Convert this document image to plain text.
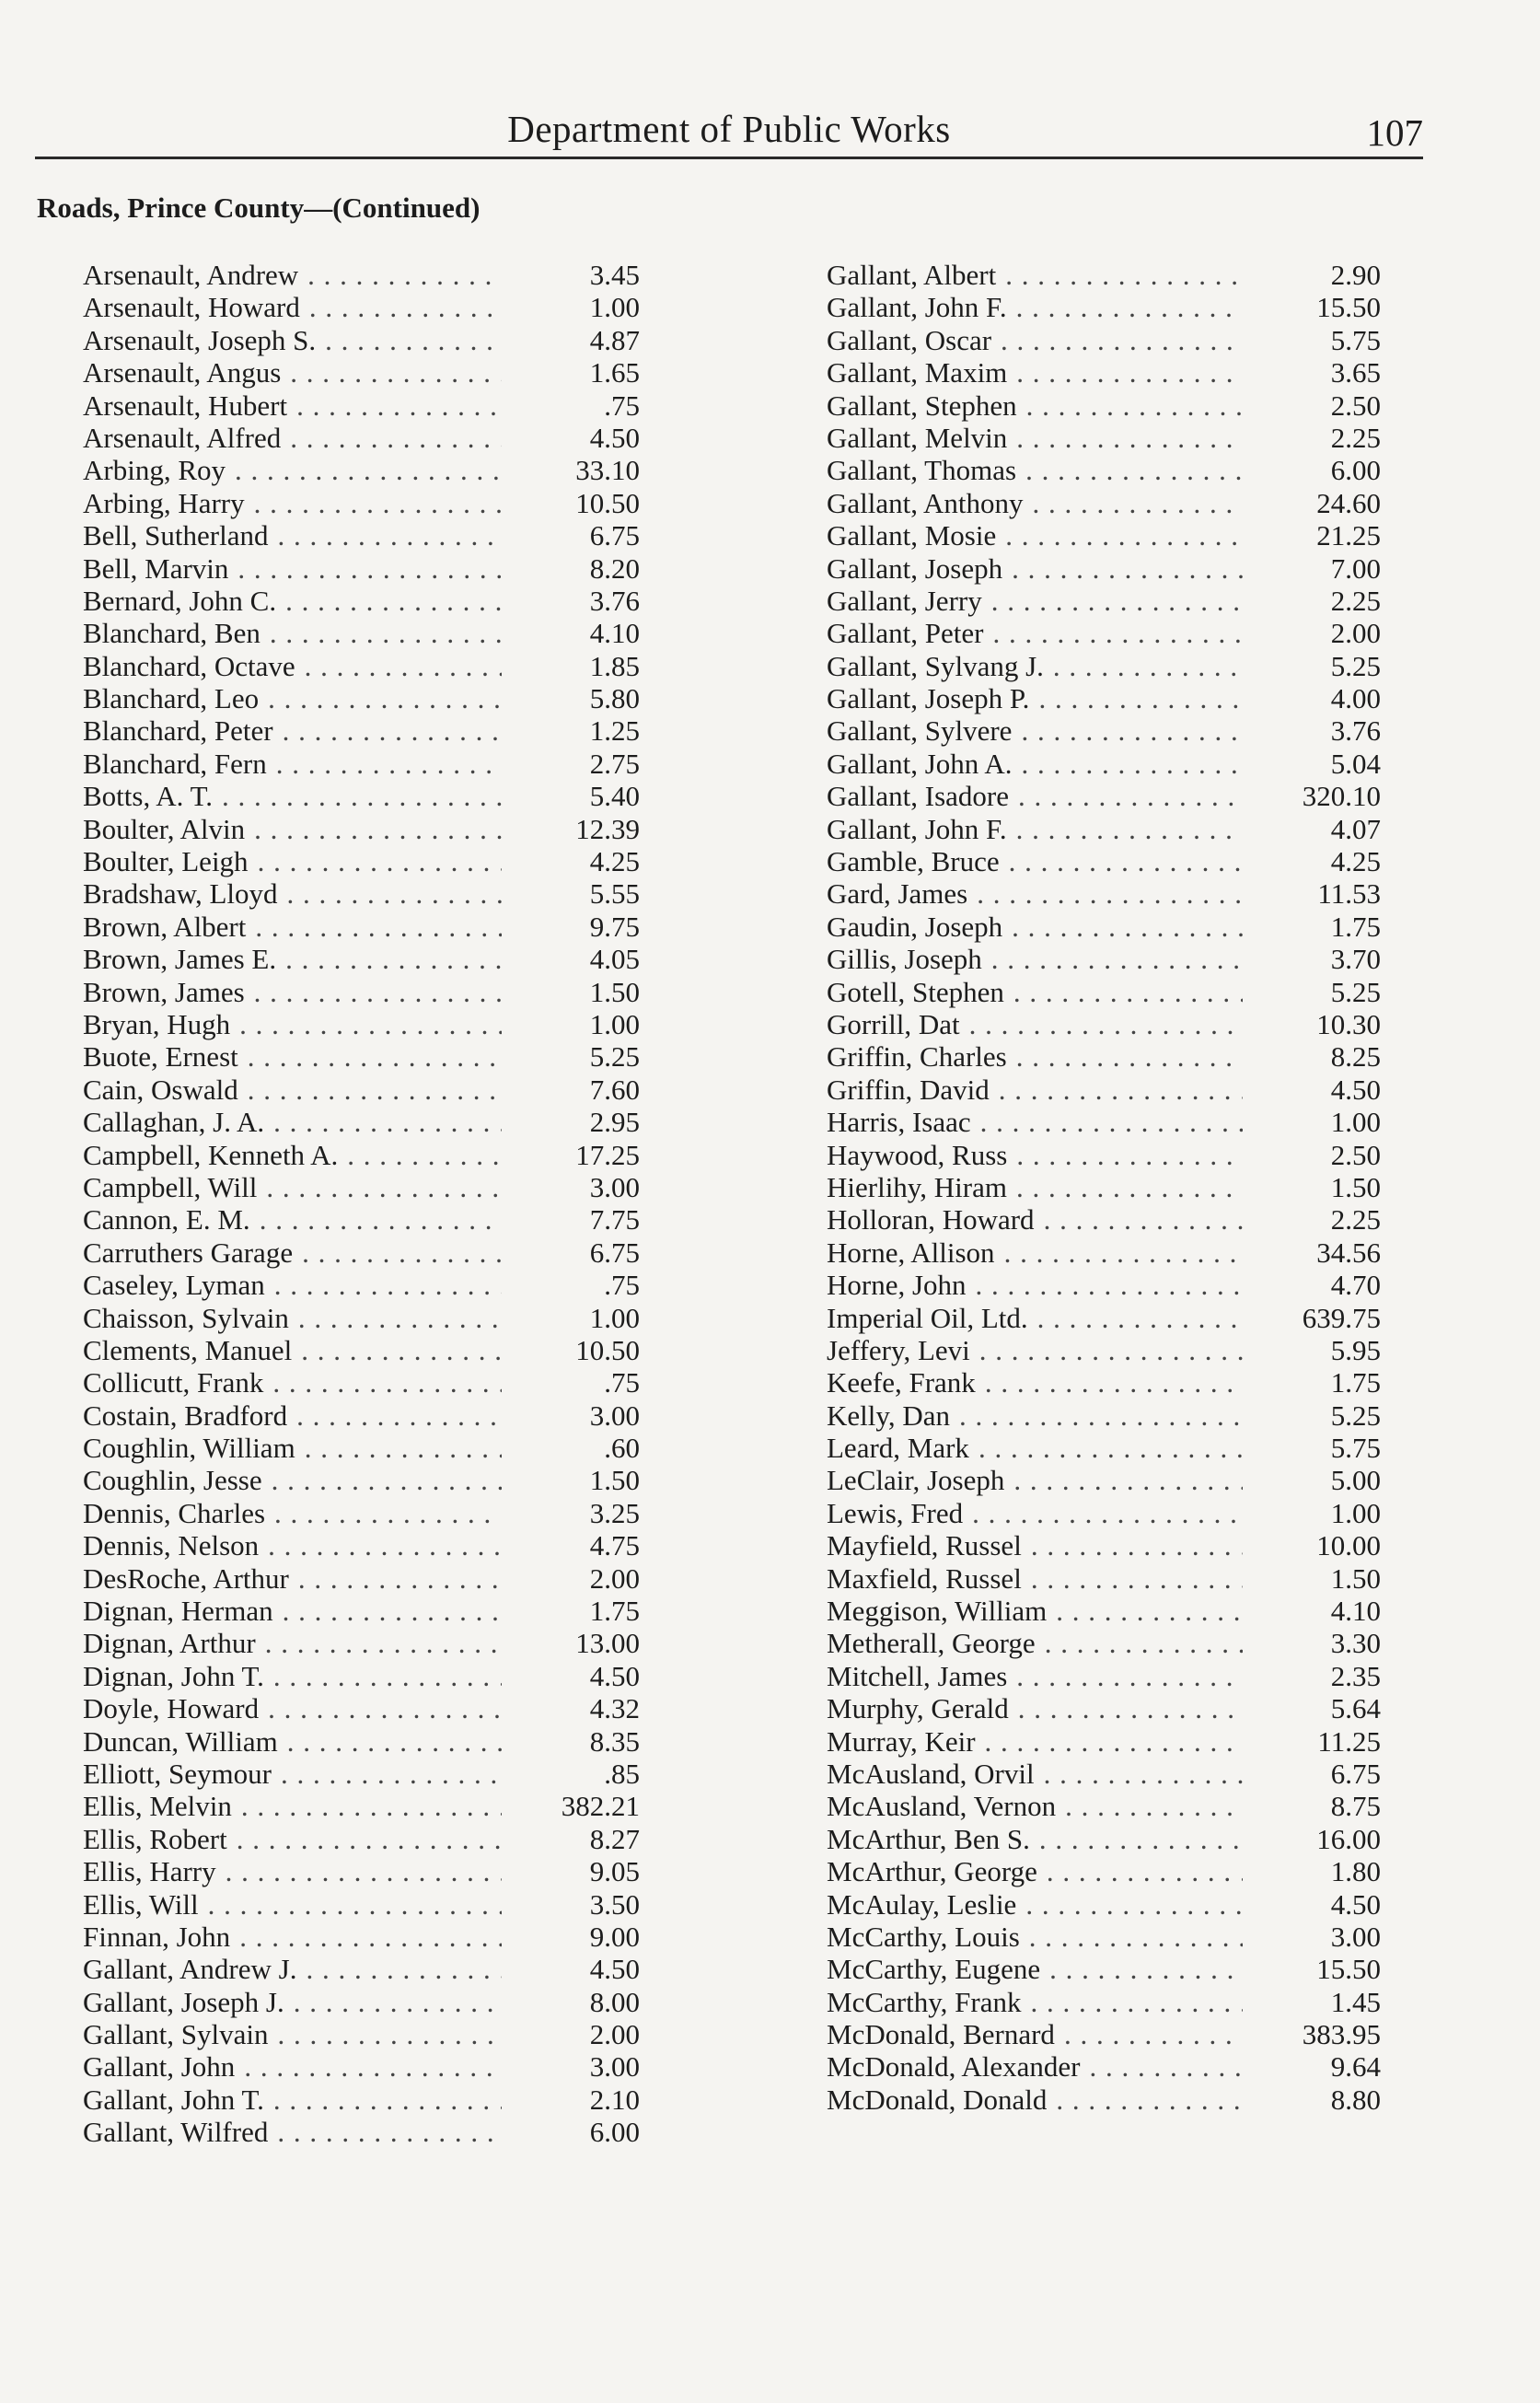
Department of Public Works	107
Roads, Prince County—(Continued)
Arsenault, Andrew . . .	3.45
Arsenault, Howard . . .	1.00
Arsenault, Joseph S. . . .	4.87
Arsenault, Angus . . .	1.65
Arsenault, Hubert . . .	.75
Arsenault, Alfred . . .	4.50
Arbing, Roy . . .	33.10
Arbing, Harry . . .	10.50
Bell, Sutherland . . .	6.75
Bell, Marvin . . .	8.20
Bernard, John C. . . .	3.76
Blanchard, Ben . . .	4.10
Blanchard, Octave . . .	1.85
Blanchard, Leo . . .	5.80
Blanchard, Peter . . .	1.25
Blanchard, Fern . . .	2.75
Botts, A. T. . . .	5.40
Boulter, Alvin . . .	12.39
Boulter, Leigh . . .	4.25
Bradshaw, Lloyd . . .	5.55
Brown, Albert . . .	9.75
Brown, James E. . . .	4.05
Brown, James . . .	1.50
Bryan, Hugh . . .	1.00
Buote, Ernest . . .	5.25
Cain, Oswald . . .	7.60
Callaghan, J. A. . . .	2.95
Campbell, Kenneth A. . . .	17.25
Campbell, Will . . .	3.00
Cannon, E. M. . . .	7.75
Carruthers Garage . . .	6.75
Caseley, Lyman . . .	.75
Chaisson, Sylvain . . .	1.00
Clements, Manuel . . .	10.50
Collicutt, Frank . . .	.75
Costain, Bradford . . .	3.00
Coughlin, William . . .	.60
Coughlin, Jesse . . .	1.50
Dennis, Charles . . .	3.25
Dennis, Nelson . . .	4.75
DesRoche, Arthur . . .	2.00
Dignan, Herman . . .	1.75
Dignan, Arthur . . .	13.00
Dignan, John T. . . .	4.50
Doyle, Howard . . .	4.32
Duncan, William . . .	8.35
Elliott, Seymour . . .	.85
Ellis, Melvin . . .	382.21
Ellis, Robert . . .	8.27
Ellis, Harry . . .	9.05
Ellis, Will . . .	3.50
Finnan, John . . .	9.00
Gallant, Andrew J. . . .	4.50
Gallant, Joseph J. . . .	8.00
Gallant, Sylvain . . .	2.00
Gallant, John . . .	3.00
Gallant, John T. . . .	2.10
Gallant, Wilfred . . .	6.00
Gallant, Albert . . .	2.90
Gallant, John F. . . .	15.50
Gallant, Oscar . . .	5.75
Gallant, Maxim . . .	3.65
Gallant, Stephen . . .	2.50
Gallant, Melvin . . .	2.25
Gallant, Thomas . . .	6.00
Gallant, Anthony . . .	24.60
Gallant, Mosie . . .	21.25
Gallant, Joseph . . .	7.00
Gallant, Jerry . . .	2.25
Gallant, Peter . . .	2.00
Gallant, Sylvang J. . . .	5.25
Gallant, Joseph P. . . .	4.00
Gallant, Sylvere . . .	3.76
Gallant, John A. . . .	5.04
Gallant, Isadore . . .	320.10
Gallant, John F. . . .	4.07
Gamble, Bruce . . .	4.25
Gard, James . . .	11.53
Gaudin, Joseph . . .	1.75
Gillis, Joseph . . .	3.70
Gotell, Stephen . . .	5.25
Gorrill, Dat . . .	10.30
Griffin, Charles . . .	8.25
Griffin, David . . .	4.50
Harris, Isaac . . .	1.00
Haywood, Russ . . .	2.50
Hierlihy, Hiram . . .	1.50
Holloran, Howard . . .	2.25
Horne, Allison . . .	34.56
Horne, John . . .	4.70
Imperial Oil, Ltd. . . .	639.75
Jeffery, Levi . . .	5.95
Keefe, Frank . . .	1.75
Kelly, Dan . . .	5.25
Leard, Mark . . .	5.75
LeClair, Joseph . . .	5.00
Lewis, Fred . . .	1.00
Mayfield, Russel . . .	10.00
Maxfield, Russel . . .	1.50
Meggison, William . . .	4.10
Metherall, George . . .	3.30
Mitchell, James . . .	2.35
Murphy, Gerald . . .	5.64
Murray, Keir . . .	11.25
McAusland, Orvil . . .	6.75
McAusland, Vernon . . .	8.75
McArthur, Ben S. . . .	16.00
McArthur, George . . .	1.80
McAulay, Leslie . . .	4.50
McCarthy, Louis . . .	3.00
McCarthy, Eugene . . .	15.50
McCarthy, Frank . . .	1.45
McDonald, Bernard . . .	383.95
McDonald, Alexander . . .	9.64
McDonald, Donald . . .	8.80
